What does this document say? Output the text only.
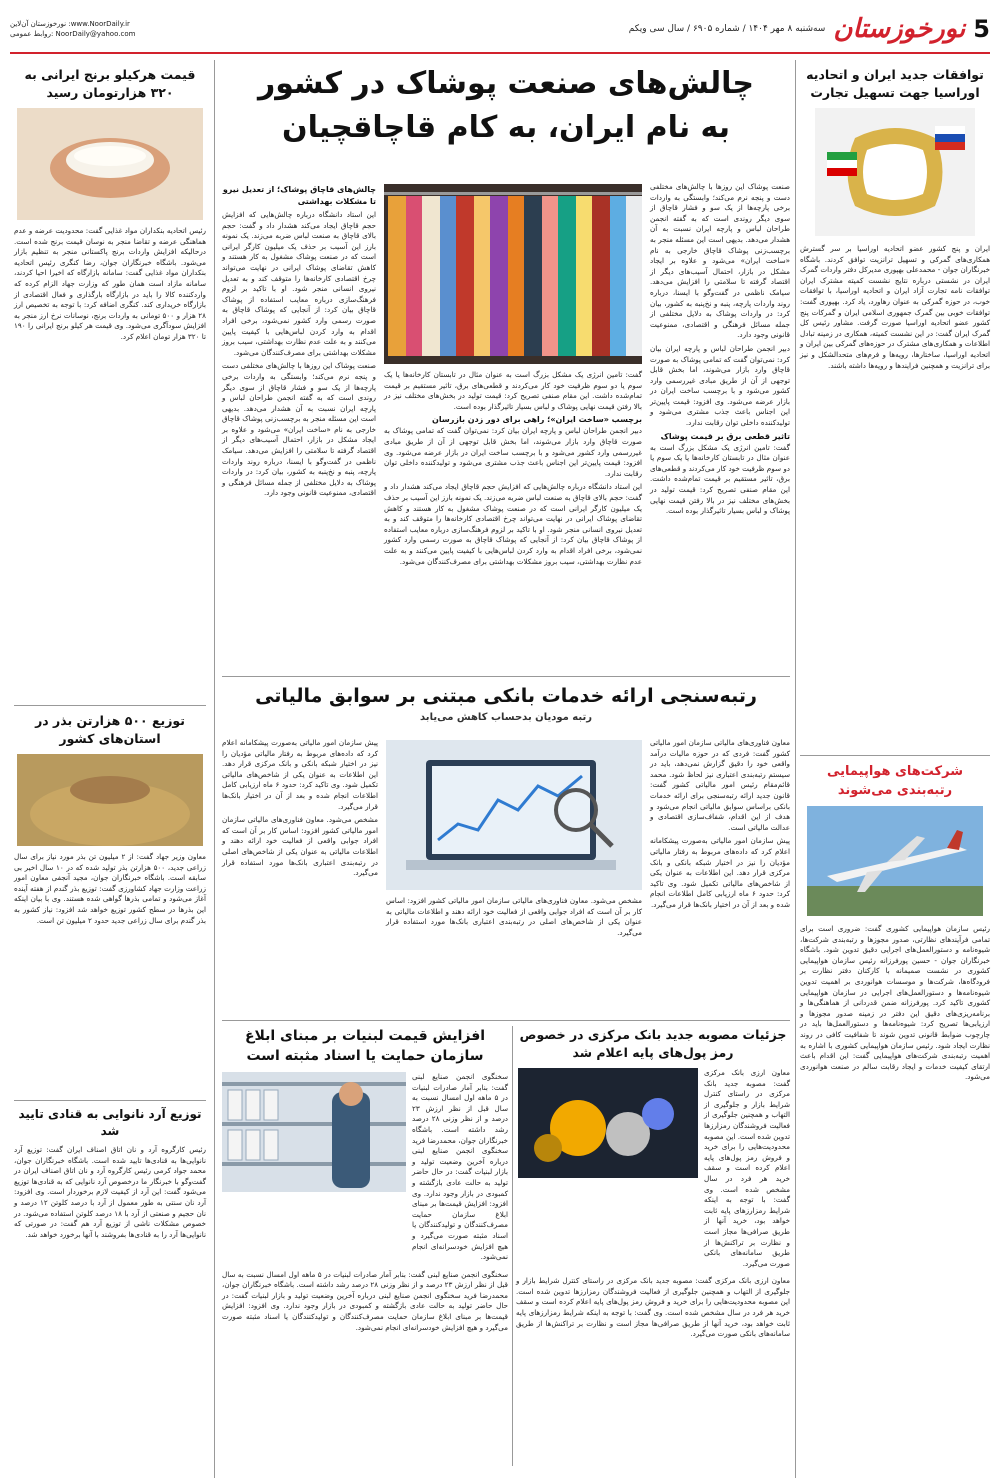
5
نورخوزستان
سه‌شنبه ۸ مهر ۱۴۰۴ / شماره ۶۹۰۵ / سال سی ویکم
نورخوزستان آن‌لاین :www.NoorDaily.ir
روابط عمومی: NoorDaily@yahoo.com
توافقات جدید ایران و اتحادیه اوراسیا جهت تسهیل تجارت

ایران و پنج کشور عضو اتحادیه اوراسیا بر سر گسترش همکاری‌های گمرکی و تسهیل ترانزیت توافق کردند. باشگاه خبرنگاران جوان - محمدعلی بهپوری مدیرکل دفتر واردات گمرک ایران در نشستی درباره نتایج نشست کمیته مشترک ایران توافقات نامه تجارت آزاد ایران و اتحادیه اوراسیا، با توافقات خوب، در حوزه گمرکی به عنوان رهاورد، یاد کرد. بهپوری گفت: توافقات خوبی بین گمرک جمهوری اسلامی ایران و گمرکات پنج کشور عضو اتحادیه اوراسیا صورت گرفت. مشاور رئیس کل گمرک ایران گفت: در این نشست کمیته، همکاری در زمینه تبادل اطلاعات و همکاری‌های مشترک در حوزه‌های گمرکی بین ایران و اتحادیه اوراسیا، ساختارها، رویه‌ها و فرم‌های متحدالشکل و نیز برای ترانزیت و همچنین فرایندها و رویه‌ها داشته باشند.

شرکت‌های هواپیمایی رتبه‌بندی می‌شوند

رئیس سازمان هواپیمایی کشوری گفت: ضروری است برای تمامی فرآیندهای نظارتی، صدور مجوزها و رتبه‌بندی شرکت‌ها، شیوه‌نامه و دستورالعمل‌های اجرایی دقیق تدوین شود. باشگاه خبرنگاران جوان - حسین پورفرزانه رئیس سازمان هواپیمایی کشوری در نشست صمیمانه با کارکنان دفتر نظارت بر فرودگاه‌ها، شرکت‌ها و موسسات هوانوردی بر اهمیت تدوین شیوه‌نامه‌ها و دستورالعمل‌های اجرایی در سازمان هواپیمایی کشوری تاکید کرد. پورفرزانه ضمن قدردانی از هماهنگی‌ها و برنامه‌ریزی‌های دقیق این دفتر در زمینه صدور مجوزها و ارزیابی‌ها تصریح کرد: شیوه‌نامه‌ها و دستورالعمل‌ها باید در چارچوب ضوابط قانونی تدوین شوند تا شفافیت کافی در روند نظارت ایجاد شود. رئیس سازمان هواپیمایی کشوری با اشاره به اهمیت رتبه‌بندی شرکت‌های هواپیمایی گفت: این اقدام باعث ارتقای کیفیت خدمات و ایجاد رقابت سالم در صنعت هوانوردی می‌شود.

قیمت هرکیلو برنج ایرانی به ۳۲۰ هزارتومان رسید

رئیس اتحادیه بنکداران مواد غذایی گفت: محدودیت عرضه و عدم هماهنگی عرضه و تقاضا منجر به نوسان قیمت برنج شده است. درحالیکه افزایش واردات برنج پاکستانی منجر به تنظیم بازار می‌شود. باشگاه خبرنگاران جوان، رضا کنگری رئیس اتحادیه بنکداران مواد غذایی گفت: سامانه بازارگاه که اخیرا احیا کردند، سامانه مازاد است همان طور که وزارت جهاد الزام کرده که واردکننده کالا را باید در بازارگاه بارگذاری و فعال اقتصادی از بازارگاه خریداری کند. کنگری اضافه کرد: با توجه به تخصیص ارز ۲۸ هزار و ۵۰۰ تومانی به واردات برنج، نوسانات نرخ ارز منجر به افزایش سودآگری می‌شود. وی قیمت هر کیلو برنج ایرانی را ۱۹۰ تا ۳۲۰ هزار تومان اعلام کرد.

توزیع ۵۰۰ هزارتن بذر در استان‌های کشور

معاون وزیر جهاد گفت: از ۲ میلیون تن بذر مورد نیاز برای سال زراعی جدید، ۵۰۰ هزارتن بذر تولید شده که در ۱۰ سال اخیر بی سابقه است. باشگاه خبرنگاران جوان، مجید آنجفی معاون امور زراعت وزارت جهاد کشاورزی گفت: توزیع بذر گندم از هفته آینده آغاز می‌شود و تمامی بذرها گواهی شده هستند. وی با بیان اینکه این بذرها در سطح کشور توزیع خواهد شد افزود: نیاز کشور به بذر گندم برای سال زراعی جدید حدود ۲ میلیون تن است.

توزیع آرد نانوایی به قنادی تایید شد

رئیس کارگروه آرد و نان اتاق اصناف ایران گفت: توزیع آرد نانوایی‌ها به قنادی‌ها تایید شده است. باشگاه خبرنگاران جوان، محمد جواد کرمی رئیس کارگروه آرد و نان اتاق اصناف ایران در گفت‌وگو با خبرنگار ما درخصوص آرد نانوایی که به قنادی‌ها توزیع می‌شود گفت: این آرد از کیفیت لازم برخوردار است. وی افزود: آرد نان سنتی به طور معمول از آرد با درصد کلوتن ۱۲ درصد و نان حجیم و صنعتی از آرد با ۱۸ درصد کلوتن استفاده می‌شود. در خصوص مشکلات ناشی از توزیع آرد هم گفت: در صورتی که نانوایی‌ها آرد را به قنادی‌ها بفروشند با آنها برخورد خواهد شد.

چالش‌های صنعت پوشاک در کشور
به نام ایران، به کام قاچاقچیان

صنعت پوشاک این روزها با چالش‌های مختلفی دست و پنجه نرم می‌کند؛ وابستگی به واردات برخی پارچه‌ها از یک سو و فشار قاچاق از سوی دیگر روندی است که به گفته انجمن طراحان لباس و پارچه ایران نسبت به آن هشدار می‌دهد. بدیهی است این مسئله منجر به برچسب‌زنی پوشاک قاچاق خارجی به نام «ساخت ایران» می‌شود و علاوه بر ایجاد مشکل در بازار، احتمال آسیب‌های دیگر از اقتصاد گرفته تا سلامتی را افزایش می‌دهد. سیامک ناظمی در گفت‌وگو با ایسنا، درباره روند واردات پارچه، پنبه و نخ‌پنبه به کشور، بیان کرد: در واردات پوشاک به دلایل مختلفی از جمله مسائل فرهنگی و اقتصادی، ممنوعیت قانونی وجود دارد.

دبیر انجمن طراحان لباس و پارچه ایران بیان کرد: نمی‌توان گفت که تمامی پوشاک به صورت قاچاق وارد بازار می‌شوند، اما بخش قابل توجهی از آن از طریق مبادی غیررسمی وارد کشور می‌شود و با برچسب ساخت ایران در بازار عرضه می‌شود. وی افزود: قیمت پایین‌تر این اجناس باعث جذب مشتری می‌شود و تولیدکننده داخلی توان رقابت ندارد.

تاثیر قطعی برق بر قیمت پوشاک

گفت: تامین انرژی یک مشکل بزرگ است به عنوان مثال در تابستان کارخانه‌ها یا یک سوم یا دو سوم ظرفیت خود کار می‌کردند و قطعی‌های برق، تاثیر مستقیم بر قیمت تمام‌شده داشت. این مقام صنفی تصریح کرد: قیمت تولید در بخش‌های مختلف نیز در بالا رفتن قیمت نهایی پوشاک و لباس بسیار تاثیرگذار بوده است.

گفت: تامین انرژی یک مشکل بزرگ است به عنوان مثال در تابستان کارخانه‌ها یا یک سوم یا دو سوم ظرفیت خود کار می‌کردند و قطعی‌های برق، تاثیر مستقیم بر قیمت تمام‌شده داشت. این مقام صنفی تصریح کرد: قیمت تولید در بخش‌های مختلف نیز در بالا رفتن قیمت نهایی پوشاک و لباس بسیار تاثیرگذار بوده است.

برچسب «ساخت ایران»؛ راهی برای دور زدن بازرسان

دبیر انجمن طراحان لباس و پارچه ایران بیان کرد: نمی‌توان گفت که تمامی پوشاک به صورت قاچاق وارد بازار می‌شوند، اما بخش قابل توجهی از آن از طریق مبادی غیررسمی وارد کشور می‌شود و با برچسب ساخت ایران در بازار عرضه می‌شود. وی افزود: قیمت پایین‌تر این اجناس باعث جذب مشتری می‌شود و تولیدکننده داخلی توان رقابت ندارد.

این استاد دانشگاه درباره چالش‌هایی که افزایش حجم قاچاق ایجاد می‌کند هشدار داد و گفت: حجم بالای قاچاق به صنعت لباس ضربه می‌زند. یک نمونه بارز این آسیب بر حذف یک میلیون کارگر ایرانی است که در صنعت پوشاک مشغول به کار هستند و کاهش تقاضای پوشاک ایرانی در نهایت می‌تواند چرخ اقتصادی کارخانه‌ها را متوقف کند و به تعدیل نیروی انسانی منجر شود. او با تاکید بر لزوم فرهنگ‌سازی درباره معایب استفاده از پوشاک قاچاق بیان کرد: از آنجایی که پوشاک قاچاق به صورت رسمی وارد کشور نمی‌شود، برخی افراد اقدام به وارد کردن لباس‌هایی با کیفیت پایین می‌کنند و به علت عدم نظارت بهداشتی، سیب بروز مشکلات بهداشتی برای مصرف‌کنندگان می‌شود.

چالش‌های قاچاق پوشاک؛ از تعدیل نیرو تا مشکلات بهداشتی

این استاد دانشگاه درباره چالش‌هایی که افزایش حجم قاچاق ایجاد می‌کند هشدار داد و گفت: حجم بالای قاچاق به صنعت لباس ضربه می‌زند. یک نمونه بارز این آسیب بر حذف یک میلیون کارگر ایرانی است که در صنعت پوشاک مشغول به کار هستند و کاهش تقاضای پوشاک ایرانی در نهایت می‌تواند چرخ اقتصادی کارخانه‌ها را متوقف کند و به تعدیل نیروی انسانی منجر شود. او با تاکید بر لزوم فرهنگ‌سازی درباره معایب استفاده از پوشاک قاچاق بیان کرد: از آنجایی که پوشاک قاچاق به صورت رسمی وارد کشور نمی‌شود، برخی افراد اقدام به وارد کردن لباس‌هایی با کیفیت پایین می‌کنند و به علت عدم نظارت بهداشتی، سیب بروز مشکلات بهداشتی برای مصرف‌کنندگان می‌شود.

صنعت پوشاک این روزها با چالش‌های مختلفی دست و پنجه نرم می‌کند؛ وابستگی به واردات برخی پارچه‌ها از یک سو و فشار قاچاق از سوی دیگر روندی است که به گفته انجمن طراحان لباس و پارچه ایران نسبت به آن هشدار می‌دهد. بدیهی است این مسئله منجر به برچسب‌زنی پوشاک قاچاق خارجی به نام «ساخت ایران» می‌شود و علاوه بر ایجاد مشکل در بازار، احتمال آسیب‌های دیگر از اقتصاد گرفته تا سلامتی را افزایش می‌دهد. سیامک ناظمی در گفت‌وگو با ایسنا، درباره روند واردات پارچه، پنبه و نخ‌پنبه به کشور، بیان کرد: در واردات پوشاک به دلایل مختلفی از جمله مسائل فرهنگی و اقتصادی، ممنوعیت قانونی وجود دارد.

رتبه‌سنجی ارائه خدمات بانکی مبتنی بر سوابق مالیاتی
رتبه مودیان بدحساب کاهش می‌یابد

معاون فناوری‌های مالیاتی سازمان امور مالیاتی کشور گفت: فردی که در حوزه مالیات درآمد واقعی خود را دقیق گزارش نمی‌دهد، باید در سیستم رتبه‌بندی اعتباری نیز لحاظ شود. محمد قائم‌مقام رئیس امور مالیاتی کشور گفت: قانون جدید ارائه رتبه‌سنجی برای ارائه خدمات بانکی براساس سوابق مالیاتی انجام می‌شود و هدف از این اقدام، شفاف‌سازی اقتصادی و عدالت مالیاتی است.

پیش سازمان امور مالیاتی به‌صورت پیشکامانه اعلام کرد که داده‌های مربوط به رفتار مالیاتی مؤدیان را نیز در اختیار شبکه بانکی و بانک مرکزی قرار دهد. این اطلاعات به عنوان یکی از شاخص‌های مالیاتی تکمیل شود. وی تاکید کرد: حدود ۶ ماه ارزیابی کامل اطلاعات انجام شده و بعد از آن در اختیار بانک‌ها قرار می‌گیرد.

مشخص می‌شود. معاون فناوری‌های مالیاتی سازمان امور مالیاتی کشور افزود: اساس کار بر آن است که افراد جوابی واقعی از فعالیت خود ارائه دهند و اطلاعات مالیاتی به عنوان یکی از شاخص‌های اصلی در رتبه‌بندی اعتباری بانک‌ها مورد استفاده قرار می‌گیرد.

پیش سازمان امور مالیاتی به‌صورت پیشکامانه اعلام کرد که داده‌های مربوط به رفتار مالیاتی مؤدیان را نیز در اختیار شبکه بانکی و بانک مرکزی قرار دهد. این اطلاعات به عنوان یکی از شاخص‌های مالیاتی تکمیل شود. وی تاکید کرد: حدود ۶ ماه ارزیابی کامل اطلاعات انجام شده و بعد از آن در اختیار بانک‌ها قرار می‌گیرد.

مشخص می‌شود. معاون فناوری‌های مالیاتی سازمان امور مالیاتی کشور افزود: اساس کار بر آن است که افراد جوابی واقعی از فعالیت خود ارائه دهند و اطلاعات مالیاتی به عنوان یکی از شاخص‌های اصلی در رتبه‌بندی اعتباری بانک‌ها مورد استفاده قرار می‌گیرد.

جزئیات مصوبه جدید بانک مرکزی در خصوص رمز پول‌های پایه اعلام شد

معاون ارزی بانک مرکزی گفت: مصوبه جدید بانک مرکزی در راستای کنترل شرایط بازار و جلوگیری از التهاب و همچنین جلوگیری از فعالیت فروشندگان رمزارزها تدوین شده است. این مصوبه محدودیت‌هایی را برای خرید و فروش رمز پول‌های پایه اعلام کرده است و سقف خرید هر فرد در سال مشخص شده است. وی گفت: با توجه به اینکه شرایط رمزارزهای پایه ثابت خواهد بود، خرید آنها از طریق صرافی‌ها مجاز است و نظارت بر تراکنش‌ها از طریق سامانه‌های بانکی صورت می‌گیرد.

معاون ارزی بانک مرکزی گفت: مصوبه جدید بانک مرکزی در راستای کنترل شرایط بازار و جلوگیری از التهاب و همچنین جلوگیری از فعالیت فروشندگان رمزارزها تدوین شده است. این مصوبه محدودیت‌هایی را برای خرید و فروش رمز پول‌های پایه اعلام کرده است و سقف خرید هر فرد در سال مشخص شده است. وی گفت: با توجه به اینکه شرایط رمزارزهای پایه ثابت خواهد بود، خرید آنها از طریق صرافی‌ها مجاز است و نظارت بر تراکنش‌ها از طریق سامانه‌های بانکی صورت می‌گیرد.

افزایش قیمت لبنیات بر مبنای ابلاغ سازمان حمایت یا اسناد مثبته است

سخنگوی انجمن صنایع لبنی گفت: بنابر آمار صادرات لبنیات در ۵ ماهه اول امسال نسبت به سال قبل از نظر ارزش ۲۳ درصد و از نظر وزنی ۲۸ درصد رشد داشته است. باشگاه خبرنگاران جوان، محمدرضا فرید سخنگوی انجمن صنایع لبنی درباره آخرین وضعیت تولید و بازار لبنیات گفت: در حال حاضر تولید به حالت عادی بازگشته و کمبودی در بازار وجود ندارد. وی افزود: افزایش قیمت‌ها بر مبنای ابلاغ سازمان حمایت مصرف‌کنندگان و تولیدکنندگان یا اسناد مثبته صورت می‌گیرد و هیچ افزایش خودسرانه‌ای انجام نمی‌شود.

سخنگوی انجمن صنایع لبنی گفت: بنابر آمار صادرات لبنیات در ۵ ماهه اول امسال نسبت به سال قبل از نظر ارزش ۲۳ درصد و از نظر وزنی ۲۸ درصد رشد داشته است. باشگاه خبرنگاران جوان، محمدرضا فرید سخنگوی انجمن صنایع لبنی درباره آخرین وضعیت تولید و بازار لبنیات گفت: در حال حاضر تولید به حالت عادی بازگشته و کمبودی در بازار وجود ندارد. وی افزود: افزایش قیمت‌ها بر مبنای ابلاغ سازمان حمایت مصرف‌کنندگان و تولیدکنندگان یا اسناد مثبته صورت می‌گیرد و هیچ افزایش خودسرانه‌ای انجام نمی‌شود.
